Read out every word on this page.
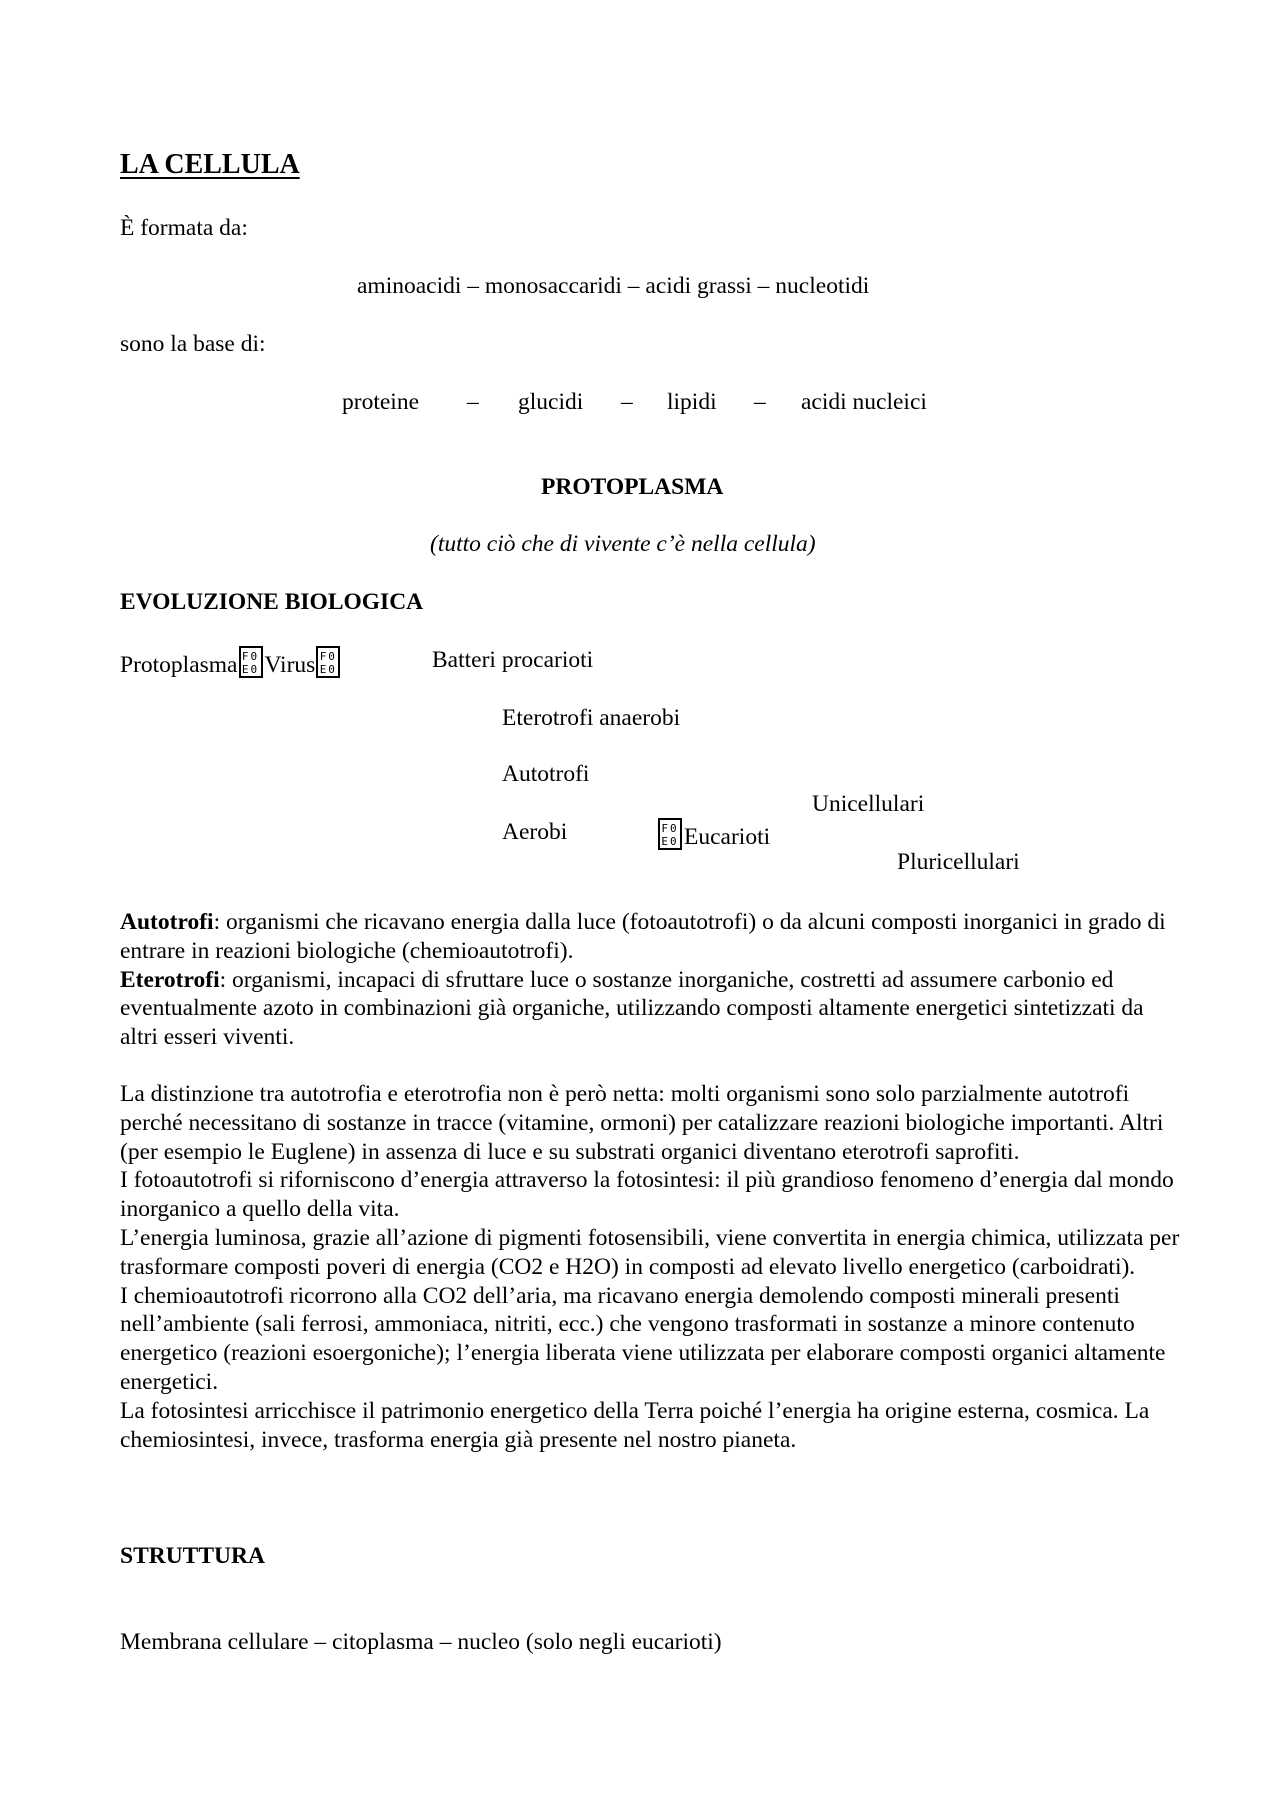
LA CELLULA
È formata da:
aminoacidi – monosaccaridi – acidi grassi – nucleotidi
sono la base di:
proteine – glucidi – lipidi – acidi nucleici
PROTOPLASMA
(tutto ciò che di vivente c’è nella cellula)
EVOLUZIONE BIOLOGICA
Protoplasma F0
E0 Virus F0
E0	Batteri procarioti
Eterotrofi anaerobi
Autotrofi
Unicellulari
Aerobi	F0
E0 Eucarioti
Pluricellulari

Autotrofi: organismi che ricavano energia dalla luce (fotoautotrofi) o da alcuni composti inorganici in grado di entrare in reazioni biologiche (chemioautotrofi).

Eterotrofi: organismi, incapaci di sfruttare luce o sostanze inorganiche, costretti ad assumere carbonio ed eventualmente azoto in combinazioni già organiche, utilizzando composti altamente energetici sintetizzati da altri esseri viventi.

La distinzione tra autotrofia e eterotrofia non è però netta: molti organismi sono solo parzialmente autotrofi perché necessitano di sostanze in tracce (vitamine, ormoni) per catalizzare reazioni biologiche importanti. Altri (per esempio le Euglene) in assenza di luce e su substrati organici diventano eterotrofi saprofiti.

I fotoautotrofi si riforniscono d’energia attraverso la fotosintesi: il più grandioso fenomeno d’energia dal mondo inorganico a quello della vita.

L’energia luminosa, grazie all’azione di pigmenti fotosensibili, viene convertita in energia chimica, utilizzata per trasformare composti poveri di energia (CO2 e H2O) in composti ad elevato livello energetico (carboidrati).

I chemioautotrofi ricorrono alla CO2 dell’aria, ma ricavano energia demolendo composti minerali presenti nell’ambiente (sali ferrosi, ammoniaca, nitriti, ecc.) che vengono trasformati in sostanze a minore contenuto energetico (reazioni esoergoniche); l’energia liberata viene utilizzata per elaborare composti organici altamente energetici.

La fotosintesi arricchisce il patrimonio energetico della Terra poiché l’energia ha origine esterna, cosmica. La chemiosintesi, invece, trasforma energia già presente nel nostro pianeta.

STRUTTURA
Membrana cellulare – citoplasma – nucleo (solo negli eucarioti)
